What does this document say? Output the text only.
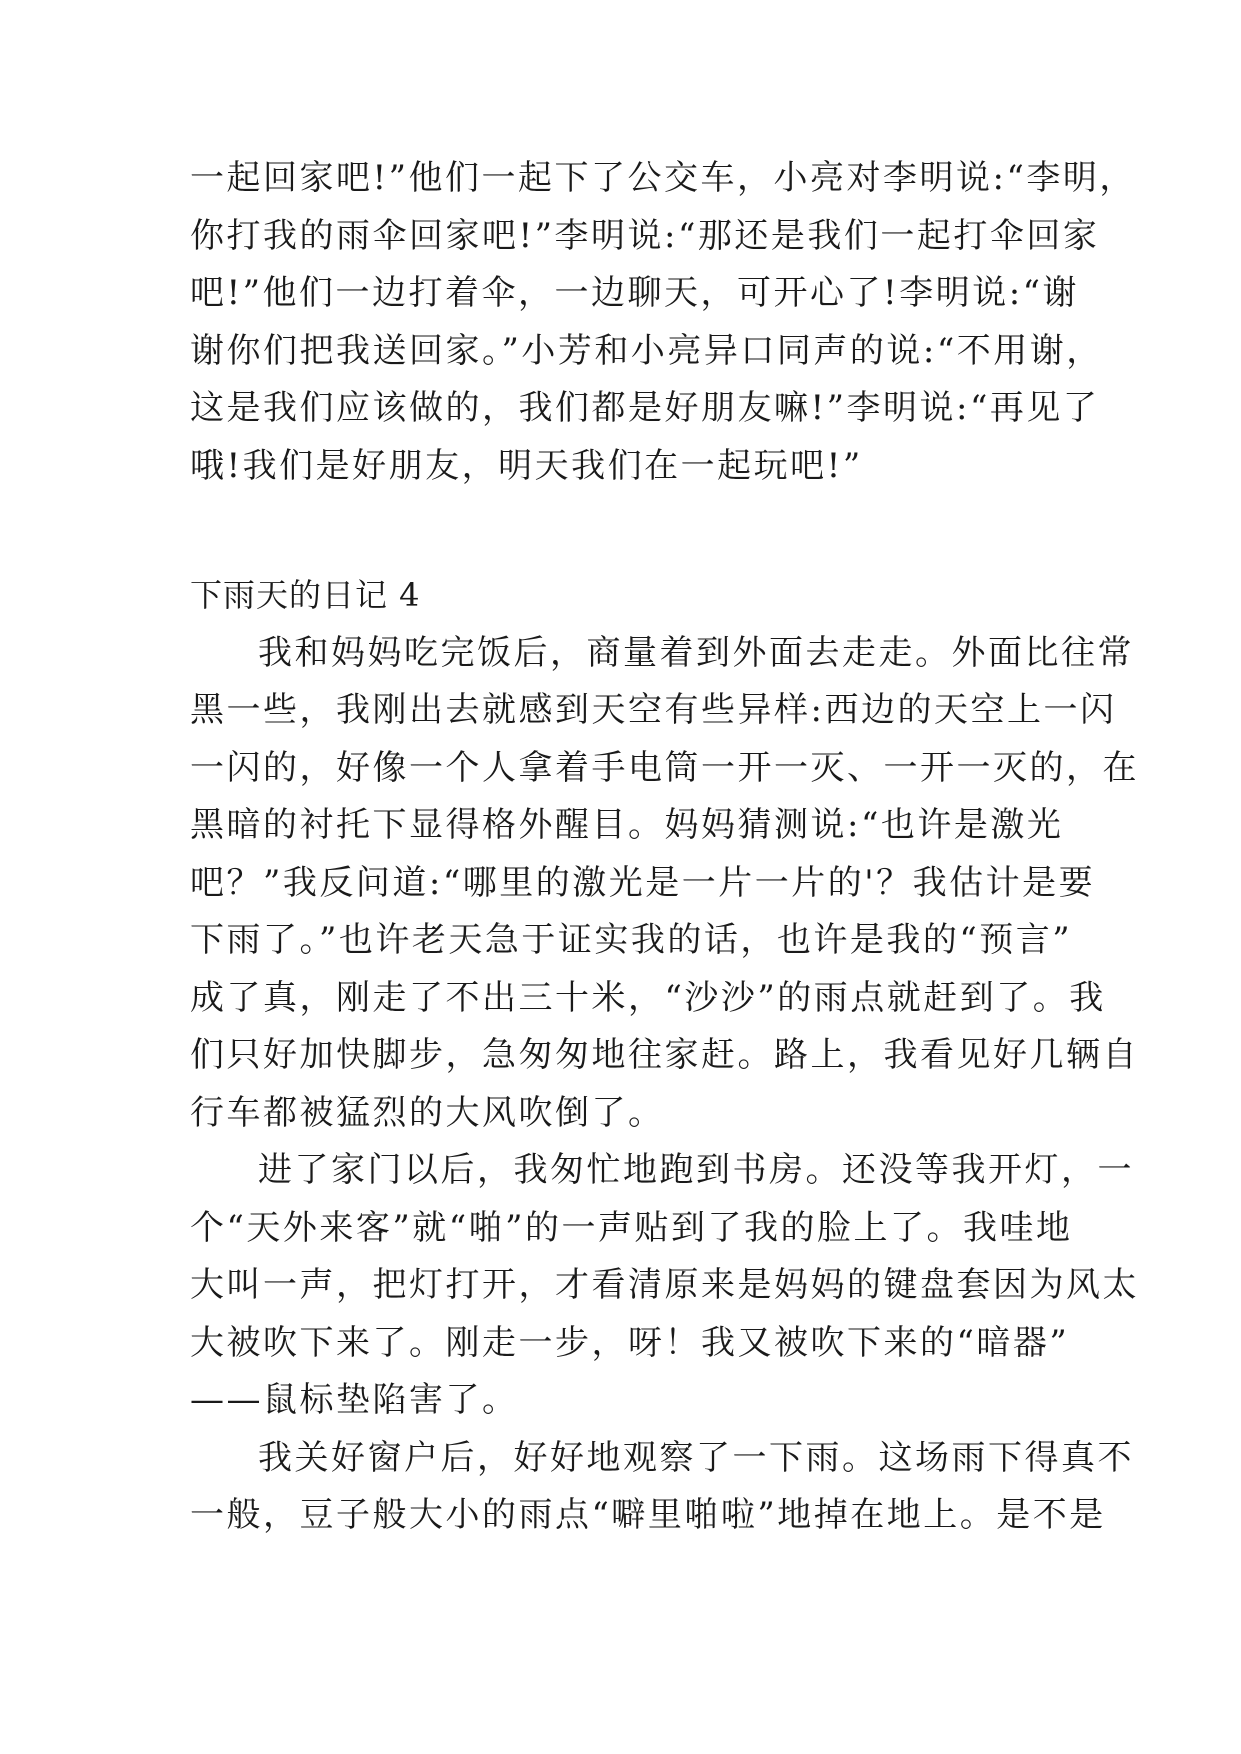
一起回家吧!”他们一起下了公交车，小亮对李明说:“李明，
你打我的雨伞回家吧!”李明说:“那还是我们一起打伞回家
吧!”他们一边打着伞，一边聊天，可开心了!李明说:“谢
谢你们把我送回家。”小芳和小亮异口同声的说:“不用谢，
这是我们应该做的，我们都是好朋友嘛!”李明说:“再见了
哦!我们是好朋友，明天我们在一起玩吧!”
下雨天的日记 4
我和妈妈吃完饭后，商量着到外面去走走。外面比往常
黑一些，我刚出去就感到天空有些异样:西边的天空上一闪
一闪的，好像一个人拿着手电筒一开一灭、一开一灭的，在
黑暗的衬托下显得格外醒目。妈妈猜测说:“也许是激光
吧？”我反问道:“哪里的激光是一片一片的'？我估计是要
下雨了。”也许老天急于证实我的话，也许是我的“预言”
成了真，刚走了不出三十米，“沙沙”的雨点就赶到了。我
们只好加快脚步，急匆匆地往家赶。路上，我看见好几辆自
行车都被猛烈的大风吹倒了。
进了家门以后，我匆忙地跑到书房。还没等我开灯，一
个“天外来客”就“啪”的一声贴到了我的脸上了。我哇地
大叫一声，把灯打开，才看清原来是妈妈的键盘套因为风太
大被吹下来了。刚走一步，呀！我又被吹下来的“暗器”
——鼠标垫陷害了。
我关好窗户后，好好地观察了一下雨。这场雨下得真不
一般，豆子般大小的雨点“噼里啪啦”地掉在地上。是不是
